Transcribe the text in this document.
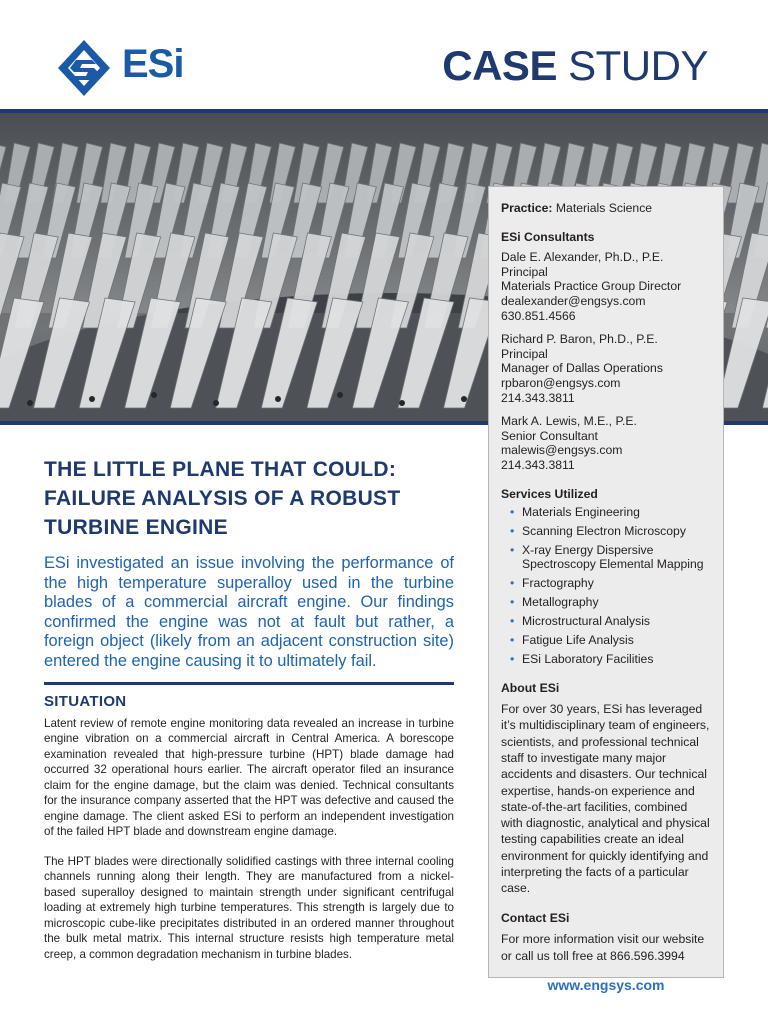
ESi	CASE STUDY
Practice: Materials Science
ESi Consultants
Dale E. Alexander, Ph.D., P.E.
Principal
Materials Practice Group Director
dealexander@engsys.com
630.851.4566
Richard P. Baron, Ph.D., P.E.
Principal
Manager of Dallas Operations
rpbaron@engsys.com
214.343.3811
Mark A. Lewis, M.E., P.E.
Senior Consultant
malewis@engsys.com
214.343.3811
Services Utilized
• Materials Engineering
• Scanning Electron Microscopy
• X-ray Energy Dispersive Spectroscopy Elemental Mapping
• Fractography
• Metallography
• Microstructural Analysis
• Fatigue Life Analysis
• ESi Laboratory Facilities
About ESi
For over 30 years, ESi has leveraged it’s multidisciplinary team of engineers, scientists, and professional technical staff to investigate many major accidents and disasters. Our technical expertise, hands-on experience and state-of-the-art facilities, combined with diagnostic, analytical and physical testing capabilities create an ideal environment for quickly identifying and interpreting the facts of a particular case.
Contact ESi
For more information visit our website or call us toll free at 866.596.3994
www.engsys.com
THE LITTLE PLANE THAT COULD: FAILURE ANALYSIS OF A ROBUST TURBINE ENGINE

ESi investigated an issue involving the performance of the high temperature superalloy used in the turbine blades of a commercial aircraft engine. Our findings confirmed the engine was not at fault but rather, a foreign object (likely from an adjacent construction site) entered the engine causing it to ultimately fail.

SITUATION

Latent review of remote engine monitoring data revealed an increase in turbine engine vibration on a commercial aircraft in Central America. A borescope examination revealed that high-pressure turbine (HPT) blade damage had occurred 32 operational hours earlier. The aircraft operator filed an insurance claim for the engine damage, but the claim was denied. Technical consultants for the insurance company asserted that the HPT was defective and caused the engine damage. The client asked ESi to perform an independent investigation of the failed HPT blade and downstream engine damage.

The HPT blades were directionally solidified castings with three internal cooling channels running along their length. They are manufactured from a nickel-based superalloy designed to maintain strength under significant centrifugal loading at extremely high turbine temperatures. This strength is largely due to microscopic cube-like precipitates distributed in an ordered manner throughout the bulk metal matrix. This internal structure resists high temperature metal creep, a common degradation mechanism in turbine blades.
